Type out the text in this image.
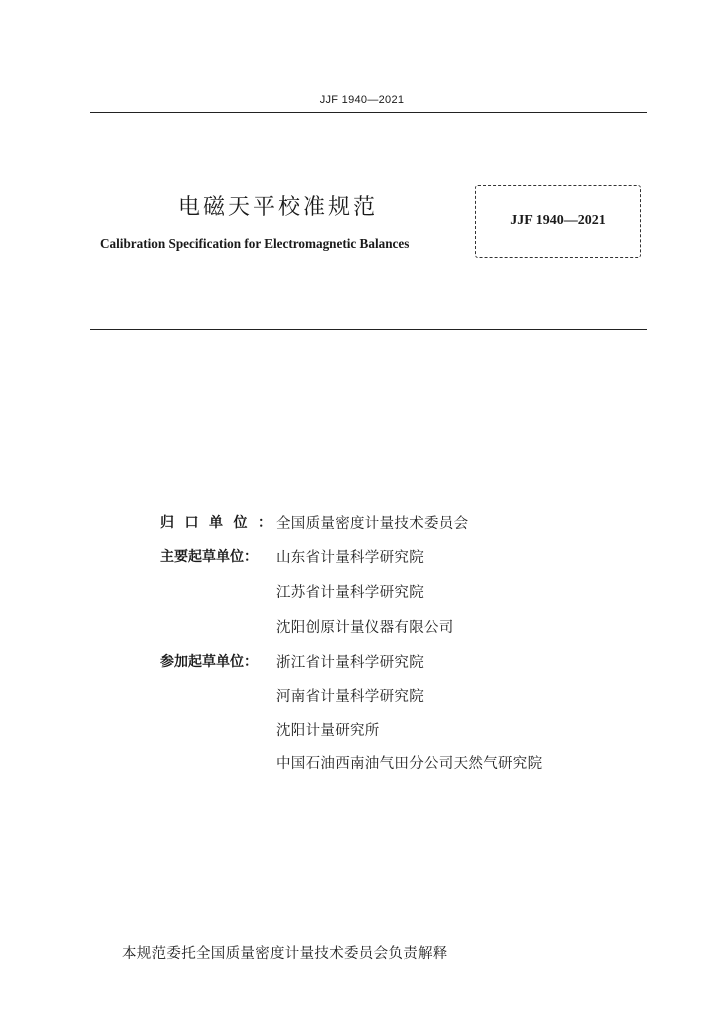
JJF 1940—2021
电磁天平校准规范
Calibration Specification for Electromagnetic Balances
JJF 1940—2021
归口单位：
全国质量密度计量技术委员会
主要起草单位：	山东省计量科学研究院
江苏省计量科学研究院
沈阳创原计量仪器有限公司
参加起草单位：	浙江省计量科学研究院
河南省计量科学研究院
沈阳计量研究所
中国石油西南油气田分公司天然气研究院
本规范委托全国质量密度计量技术委员会负责解释
